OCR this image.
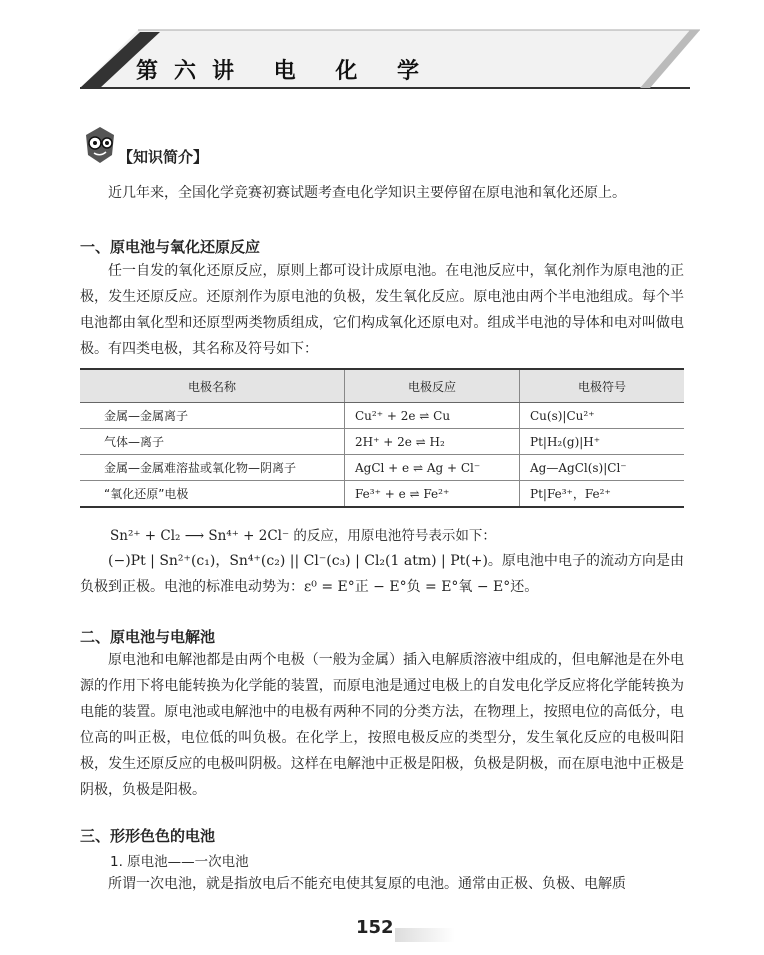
第六讲 电 化 学
【知识简介】

近几年来，全国化学竞赛初赛试题考查电化学知识主要停留在原电池和氧化还原上。

一、原电池与氧化还原反应

任一自发的氧化还原反应，原则上都可设计成原电池。在电池反应中，氧化剂作为原电池的正极，发生还原反应。还原剂作为原电池的负极，发生氧化反应。原电池由两个半电池组成。每个半电池都由氧化型和还原型两类物质组成，它们构成氧化还原电对。组成半电池的导体和电对叫做电极。有四类电极，其名称及符号如下：

电极名称	电极反应	电极符号
金属—金属离子	Cu²⁺ + 2e ⇌ Cu	Cu(s)|Cu²⁺
气体—离子	2H⁺ + 2e ⇌ H₂	Pt|H₂(g)|H⁺
金属—金属难溶盐或氧化物—阴离子	AgCl + e ⇌ Ag + Cl⁻	Ag—AgCl(s)|Cl⁻
“氧化还原”电极	Fe³⁺ + e ⇌ Fe²⁺	Pt|Fe³⁺，Fe²⁺
Sn²⁺ + Cl₂ ⟶ Sn⁴⁺ + 2Cl⁻ 的反应，用原电池符号表示如下：

(−)Pt | Sn²⁺(c₁)，Sn⁴⁺(c₂) || Cl⁻(c₃) | Cl₂(1 atm) | Pt(+)。原电池中电子的流动方向是由负极到正极。电池的标准电动势为：ε⁰ = E°正 − E°负 = E°氧 − E°还。

二、原电池与电解池

原电池和电解池都是由两个电极（一般为金属）插入电解质溶液中组成的，但电解池是在外电源的作用下将电能转换为化学能的装置，而原电池是通过电极上的自发电化学反应将化学能转换为电能的装置。原电池或电解池中的电极有两种不同的分类方法，在物理上，按照电位的高低分，电位高的叫正极，电位低的叫负极。在化学上，按照电极反应的类型分，发生氧化反应的电极叫阳极，发生还原反应的电极叫阴极。这样在电解池中正极是阳极，负极是阴极，而在原电池中正极是阴极，负极是阳极。

三、形形色色的电池
1. 原电池——一次电池

所谓一次电池，就是指放电后不能充电使其复原的电池。通常由正极、负极、电解质

152
